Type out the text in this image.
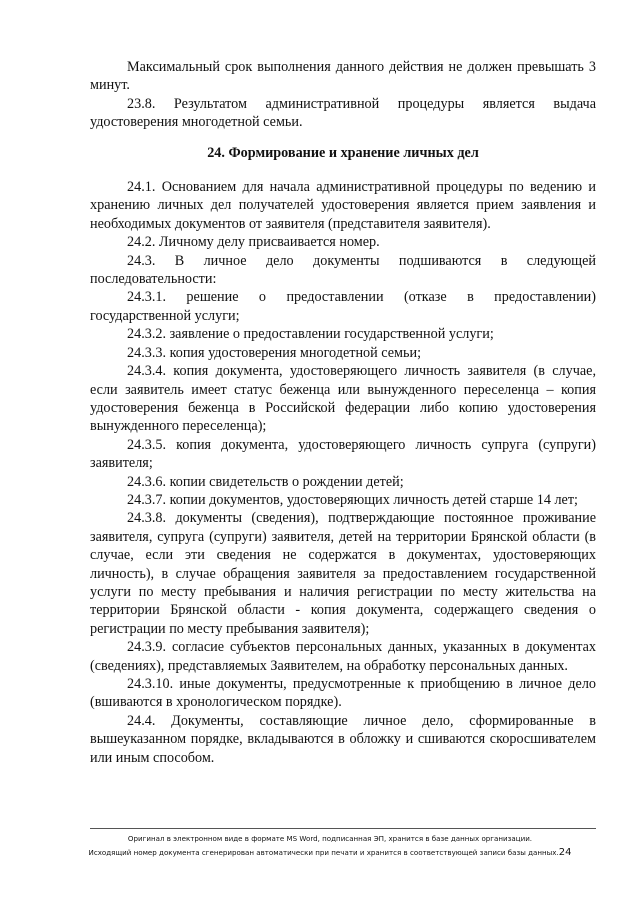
Максимальный срок выполнения данного действия не должен превышать 3 минут.

23.8. Результатом административной процедуры является выдача удостоверения многодетной семьи.

24. Формирование и хранение личных дел

24.1. Основанием для начала административной процедуры по ведению и хранению личных дел получателей удостоверения является прием заявления и необходимых документов от заявителя (представителя заявителя).

24.2. Личному делу присваивается номер.

24.3. В личное дело документы подшиваются в следующей последовательности:

24.3.1. решение о предоставлении (отказе в предоставлении) государственной услуги;

24.3.2. заявление о предоставлении государственной услуги;

24.3.3. копия удостоверения многодетной семьи;

24.3.4. копия документа, удостоверяющего личность заявителя (в случае, если заявитель имеет статус беженца или вынужденного переселенца – копия удостоверения беженца в Российской федерации либо копию удостоверения вынужденного переселенца);

24.3.5. копия документа, удостоверяющего личность супруга (супруги) заявителя;

24.3.6. копии свидетельств о рождении детей;

24.3.7. копии документов, удостоверяющих личность детей старше 14 лет;

24.3.8. документы (сведения), подтверждающие постоянное проживание заявителя, супруга (супруги) заявителя, детей на территории Брянской области (в случае, если эти сведения не содержатся в документах, удостоверяющих личность), в случае обращения заявителя за предоставлением государственной услуги по месту пребывания и наличия регистрации по месту жительства на территории Брянской области - копия документа, содержащего сведения о регистрации по месту пребывания заявителя);

24.3.9. согласие субъектов персональных данных, указанных в документах (сведениях), представляемых Заявителем, на обработку персональных данных.

24.3.10. иные документы, предусмотренные к приобщению в личное дело (вшиваются в хронологическом порядке).

24.4. Документы, составляющие личное дело, сформированные в вышеуказанном порядке, вкладываются в обложку и сшиваются скоросшивателем или иным способом.

Оригинал в электронном виде в формате MS Word, подписанная ЭП, хранится в базе данных организации.
Исходящий номер документа сгенерирован автоматически при печати и хранится в соответствующей записи базы данных.24
